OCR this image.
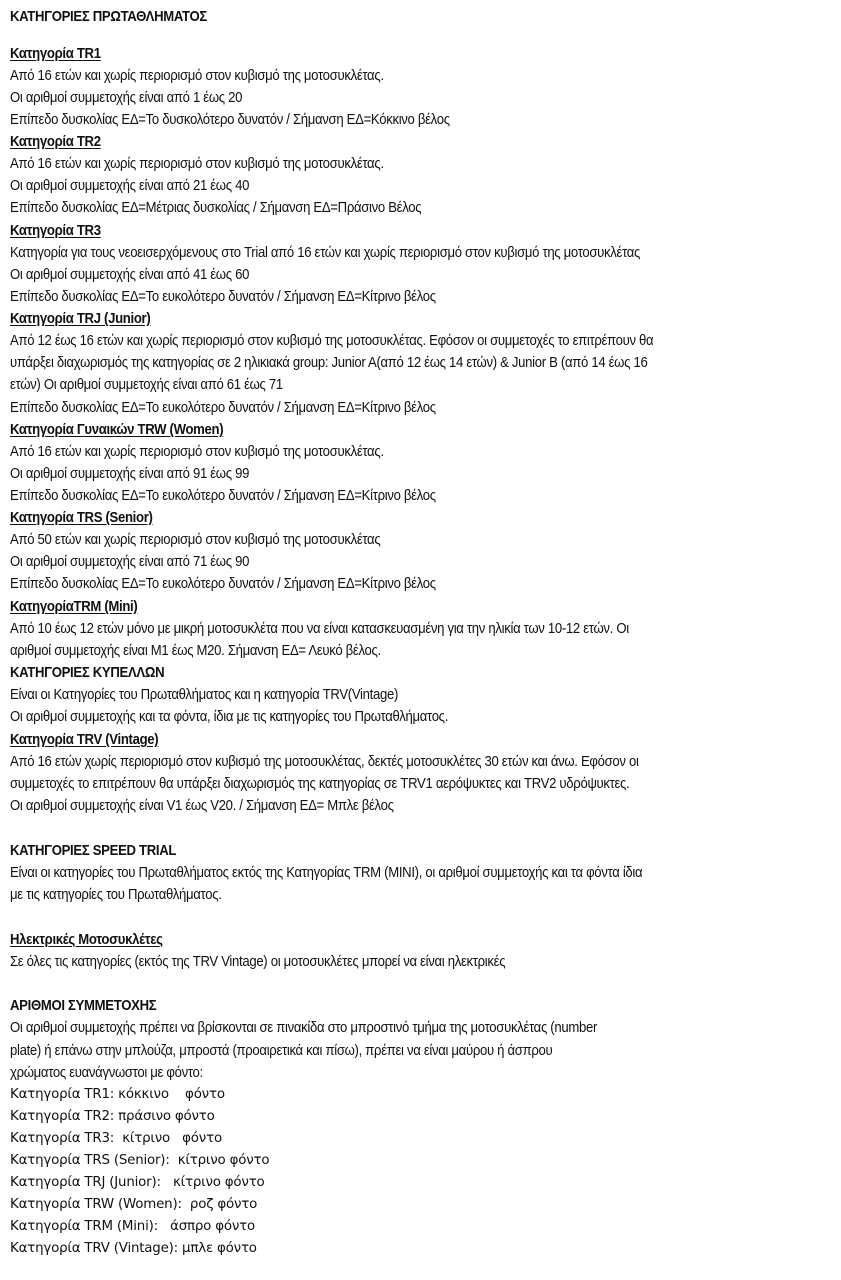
ΚΑΤΗΓΟΡΙΕΣ ΠΡΩΤΑΘΛΗΜΑΤΟΣ
Κατηγορία TR1
Από 16 ετών και χωρίς περιορισμό στον κυβισμό της μοτοσυκλέτας.
Οι αριθμοί συμμετοχής είναι από 1 έως 20
Επίπεδο δυσκολίας ΕΔ=Το δυσκολότερο δυνατόν / Σήμανση ΕΔ=Κόκκινο βέλος
Κατηγορία TR2
Από 16 ετών και χωρίς περιορισμό στον κυβισμό της μοτοσυκλέτας.
Οι αριθμοί συμμετοχής είναι από 21 έως 40
Επίπεδο δυσκολίας ΕΔ=Μέτριας δυσκολίας / Σήμανση ΕΔ=Πράσινο Βέλος
Κατηγορία TR3
Κατηγορία για τους νεοεισερχόμενους στο Trial από 16 ετών και χωρίς περιορισμό στον κυβισμό της μοτοσυκλέτας
Οι αριθμοί συμμετοχής είναι από 41 έως 60
Επίπεδο δυσκολίας ΕΔ=Το ευκολότερο δυνατόν / Σήμανση ΕΔ=Κίτρινο βέλος
Κατηγορία TRJ (Junior)
Από 12 έως 16 ετών και χωρίς περιορισμό στον κυβισμό της μοτοσυκλέτας. Εφόσον οι συμμετοχές το επιτρέπουν θα
υπάρξει διαχωρισμός της κατηγορίας σε 2 ηλικιακά group: Junior A(από 12 έως 14 ετών) & Junior B (από 14 έως 16
ετών) Οι αριθμοί συμμετοχής είναι από 61 έως 71
Επίπεδο δυσκολίας ΕΔ=Το ευκολότερο δυνατόν / Σήμανση ΕΔ=Κίτρινο βέλος
Κατηγορία Γυναικών TRW (Women)
Από 16 ετών και χωρίς περιορισμό στον κυβισμό της μοτοσυκλέτας.
Οι αριθμοί συμμετοχής είναι από 91 έως 99
Επίπεδο δυσκολίας ΕΔ=Το ευκολότερο δυνατόν / Σήμανση ΕΔ=Κίτρινο βέλος
Κατηγορία TRS (Senior)
Από 50 ετών και χωρίς περιορισμό στον κυβισμό της μοτοσυκλέτας
Οι αριθμοί συμμετοχής είναι από 71 έως 90
Επίπεδο δυσκολίας ΕΔ=Το ευκολότερο δυνατόν / Σήμανση ΕΔ=Κίτρινο βέλος
ΚατηγορίαTRM (Mini)
Από 10 έως 12 ετών μόνο με μικρή μοτοσυκλέτα που να είναι κατασκευασμένη για την ηλικία των 10-12 ετών. Οι
αριθμοί συμμετοχής είναι Μ1 έως Μ20. Σήμανση ΕΔ= Λευκό βέλος.
ΚΑΤΗΓΟΡΙΕΣ ΚΥΠΕΛΛΩΝ
Είναι οι Κατηγορίες του Πρωταθλήματος και η κατηγορία TRV(Vintage)
Οι αριθμοί συμμετοχής και τα φόντα, ίδια με τις κατηγορίες του Πρωταθλήματος.
Κατηγορία TRV (Vintage)
Από 16 ετών χωρίς περιορισμό στον κυβισμό της μοτοσυκλέτας, δεκτές μοτοσυκλέτες 30 ετών και άνω. Εφόσον οι
συμμετοχές το επιτρέπουν θα υπάρξει διαχωρισμός της κατηγορίας σε TRV1 αερόψυκτες και TRV2 υδρόψυκτες.
Οι αριθμοί συμμετοχής είναι V1 έως V20. / Σήμανση ΕΔ= Μπλε βέλος
ΚΑΤΗΓΟΡΙΕΣ SPEED TRIAL
Είναι οι κατηγορίες του Πρωταθλήματος εκτός της Κατηγορίας TRM (MINI), οι αριθμοί συμμετοχής και τα φόντα ίδια
με τις κατηγορίες του Πρωταθλήματος.
Ηλεκτρικές Μοτοσυκλέτες
Σε όλες τις κατηγορίες (εκτός της TRV Vintage) οι μοτοσυκλέτες μπορεί να είναι ηλεκτρικές
ΑΡΙΘΜΟΙ ΣΥΜΜΕΤΟΧΗΣ
Οι αριθμοί συμμετοχής πρέπει να βρίσκονται σε πινακίδα στο μπροστινό τμήμα της μοτοσυκλέτας (number
plate) ή επάνω στην μπλούζα, μπροστά (προαιρετικά και πίσω), πρέπει να είναι μαύρου ή άσπρου
χρώματος ευανάγνωστοι με φόντο:
Κατηγορία TR1: κόκκινο    φόντο
Κατηγορία TR2: πράσινο φόντο
Κατηγορία TR3:  κίτρινο   φόντο
Κατηγορία TRS (Senior):  κίτρινο φόντο
Κατηγορία TRJ (Junior):   κίτρινο φόντο
Κατηγορία TRW (Women):  ροζ φόντο
Κατηγορία TRM (Mini):   άσπρο φόντο
Κατηγορία TRV (Vintage): μπλε φόντο
